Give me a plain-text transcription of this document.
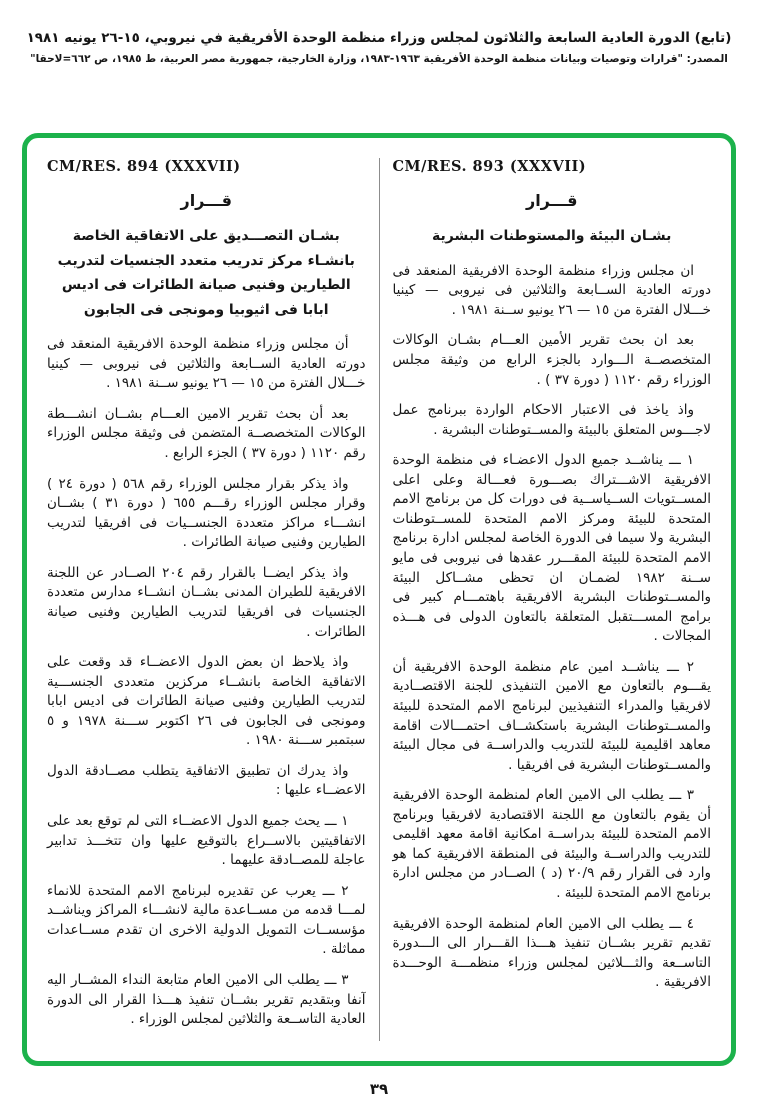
(تابع) الدورة العادية السابعة والثلاثون لمجلس وزراء منظمة الوحدة الأفريقية في نيروبي، ١٥-٢٦ يونيه ١٩٨١
المصدر: "قرارات وتوصيات وبيانات منظمة الوحدة الأفريقية ١٩٦٣-١٩٨٣، وزارة الخارجية، جمهورية مصر العربية، ط ١٩٨٥، ص ٦٦٢=لاحقا"
CM/RES. 893 (XXXVII)
قـــرار
بشـان البيئة والمستوطنات البشرية

ان مجلس وزراء منظمة الوحدة الافريقية المنعقد فى دورته العادية الســابعة والثلاثين فى نيروبى — كينيا خـــلال الفترة من ١٥ — ٢٦ يونيو ســنة ١٩٨١ .

بعد ان بحث تقرير الأمين العـــام بشـان الوكالات المتخصصــة الـــوارد بالجزء الرابع من وثيقة مجلس الوزراء رقم ١١٢٠ ( دورة ٣٧ ) .

واذ ياخذ فى الاعتبار الاحكام الواردة ببرنامج عمل لاجـــوس المتعلق بالبيئة والمســتوطنات البشرية .

١ ـــ يناشــد جميع الدول الاعضـاء فى منظمة الوحدة الافريقية الاشـــتراك بصـــورة فعـــالة وعلى اعلى المســتويات الســياســية فى دورات كل من برنامج الامم المتحدة للبيئة ومركز الامم المتحدة للمســتوطنات البشرية ولا سيما فى الدورة الخاصة لمجلس ادارة برنامج الامم المتحدة للبيئة المقـــرر عقدها فى نيروبى فى مايو ســنة ١٩٨٢ لضمـان ان تحظى مشــاكل البيئة والمســتوطنات البشرية الافريقية باهتمـــام كبير فى برامج المســـتقبل المتعلقة بالتعاون الدولى فى هـــذه المجالات .

٢ ـــ يناشــد امين عام منظمة الوحدة الافريقية أن يقـــوم بالتعاون مع الامين التنفيذى للجنة الاقتصــادية لافريقيا والمدراء التنفيذيين لبرنامج الامم المتحدة للبيئة والمســتوطنات البشرية باستكشــاف احتمـــالات اقامة معاهد اقليمية للبيئة للتدريب والدراســة فى مجال البيئة والمســتوطنات البشرية فى افريقيا .

٣ ـــ يطلب الى الامين العام لمنظمة الوحدة الافريقية أن يقوم بالتعاون مع اللجنة الاقتصادية لافريقيا وبرنامج الامم المتحدة للبيئة بدراســة امكانية اقامة معهد اقليمى للتدريب والدراســة والبيئة فى المنطقة الافريقية كما هو وارد فى القرار رقم ٢٠/٩ (د ) الصــادر من مجلس ادارة برنامج الامم المتحدة للبيئة .

٤ ـــ يطلب الى الامين العام لمنظمة الوحدة الافريقية تقديم تقرير بشــان تنفيذ هـــذا القـــرار الى الـــدورة التاســعة والثـــلاثين لمجلس وزراء منظمـــة الوحـــدة الافريقية .

CM/RES. 894 (XXXVII)
قـــرار
بشـان التصـــديق على الاتفاقية الخاصة بانشـاء مركز تدريب متعدد الجنسيات لتدريب الطيارين وفنيى صيانة الطائرات فى اديس ابابا فى اثيوبيا ومونجى فى الجابون

أن مجلس وزراء منظمة الوحدة الافريقية المنعقد فى دورته العادية الســابعة والثلاثين فى نيروبى — كينيا خـــلال الفترة من ١٥ — ٢٦ يونيو ســنة ١٩٨١ .

بعد أن بحث تقرير الامين العـــام بشــان انشـــطة الوكالات المتخصصــة المتضمن فى وثيقة مجلس الوزراء رقم ١١٢٠ ( دورة ٣٧ ) الجزء الرابع .

واذ يذكر بقرار مجلس الوزراء رقم ٥٦٨ ( دورة ٢٤ ) وقرار مجلس الوزراء رقـــم ٦٥٥ ( دورة ٣١ ) بشــان انشـــاء مراكز متعددة الجنســيات فى افريقيا لتدريب الطيارين وفنيى صيانة الطائرات .

واذ يذكر ايضــا بالقرار رقم ٢٠٤ الصــادر عن اللجنة الافريقية للطيران المدنى بشــان انشــاء مدارس متعددة الجنسيات فى افريقيا لتدريب الطيارين وفنيى صيانة الطائرات .

واذ يلاحظ ان بعض الدول الاعضــاء قد وقعت على الاتفاقية الخاصة بانشــاء مركزين متعددى الجنســـية لتدريب الطيارين وفنيى صيانة الطائرات فى اديس ابابا ومونجى فى الجابون فى ٢٦ اكتوبر ســـنة ١٩٧٨ و ٥ سبتمبر ســـنة ١٩٨٠ .

واذ يدرك ان تطبيق الاتفاقية يتطلب مصــادقة الدول الاعضــاء عليها :

١ ـــ يحث جميع الدول الاعضــاء التى لم توقع بعد على الاتفاقيتين بالاســراع بالتوقيع عليها وان تتخـــذ تدابير عاجلة للمصــادقة عليهما .

٢ ـــ يعرب عن تقديره لبرنامج الامم المتحدة للانماء لمـــا قدمه من مســاعدة مالية لانشـــاء المراكز ويناشــد مؤسســات التمويل الدولية الاخرى ان تقدم مســاعدات مماثلة .

٣ ـــ يطلب الى الامين العام متابعة النداء المشــار اليه آنفا وبتقديم تقرير بشــان تنفيذ هـــذا القرار الى الدورة العادية التاســعة والثلاثين لمجلس الوزراء .

٣٩
